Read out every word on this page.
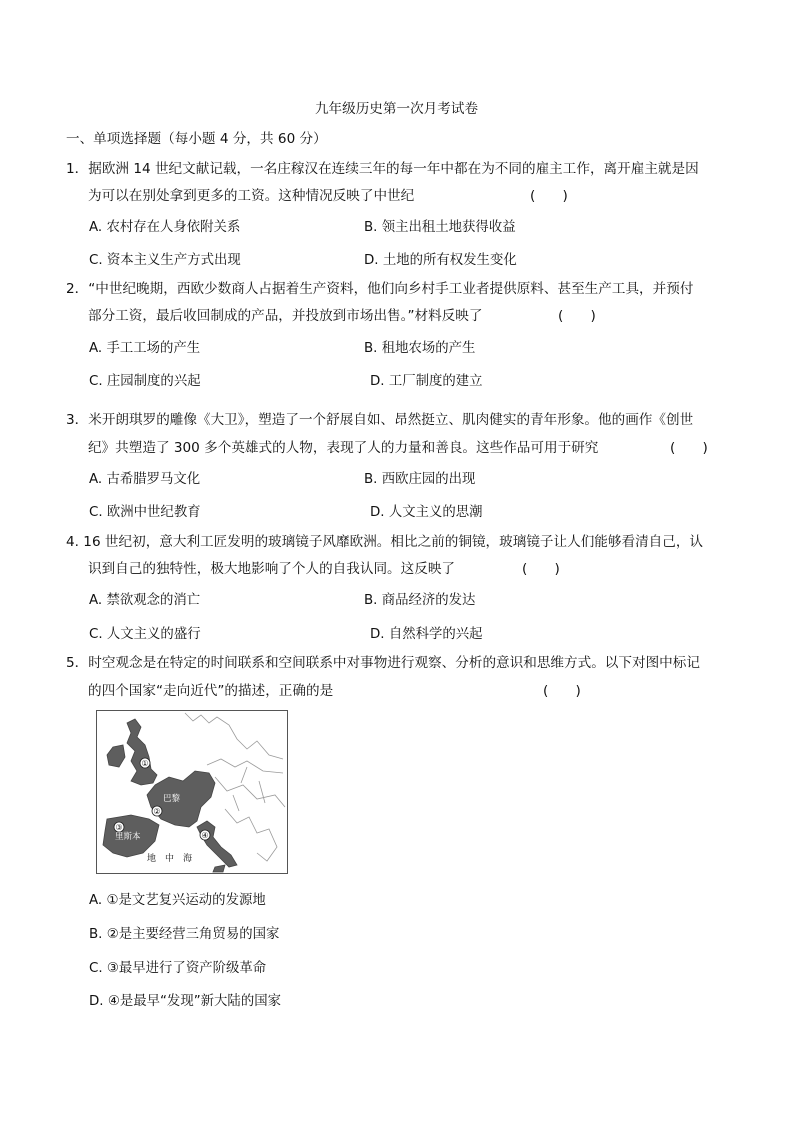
九年级历史第一次月考试卷
一、单项选择题（每小题 4 分，共 60 分）
1．据欧洲 14 世纪文献记载，一名庄稼汉在连续三年的每一年中都在为不同的雇主工作，离开雇主就是因
为可以在别处拿到更多的工资。这种情况反映了中世纪	(　　)
A. 农村存在人身依附关系	B. 领主出租土地获得收益
C. 资本主义生产方式出现	D. 土地的所有权发生变化
2．“中世纪晚期，西欧少数商人占据着生产资料，他们向乡村手工业者提供原料、甚至生产工具，并预付
部分工资，最后收回制成的产品，并投放到市场出售。”材料反映了	(　　)
A. 手工工场的产生	B. 租地农场的产生
C. 庄园制度的兴起	D. 工厂制度的建立
3．米开朗琪罗的雕像《大卫》，塑造了一个舒展自如、昂然挺立、肌肉健实的青年形象。他的画作《创世
纪》共塑造了 300 多个英雄式的人物，表现了人的力量和善良。这些作品可用于研究	(　　)
A. 古希腊罗马文化	B. 西欧庄园的出现
C. 欧洲中世纪教育	D. 人文主义的思潮
4. 16 世纪初，意大利工匠发明的玻璃镜子风靡欧洲。相比之前的铜镜，玻璃镜子让人们能够看清自己，认
识到自己的独特性，极大地影响了个人的自我认同。这反映了	(　　)
A. 禁欲观念的消亡	B. 商品经济的发达
C. 人文主义的盛行	D. 自然科学的兴起
5．时空观念是在特定的时间联系和空间联系中对事物进行观察、分析的意识和思维方式。以下对图中标记
的四个国家“走向近代”的描述，正确的是	(　　)
①
②
③
④
巴黎
里斯本
地　中　海
A. ①是文艺复兴运动的发源地
B. ②是主要经营三角贸易的国家
C. ③最早进行了资产阶级革命
D. ④是最早“发现”新大陆的国家
